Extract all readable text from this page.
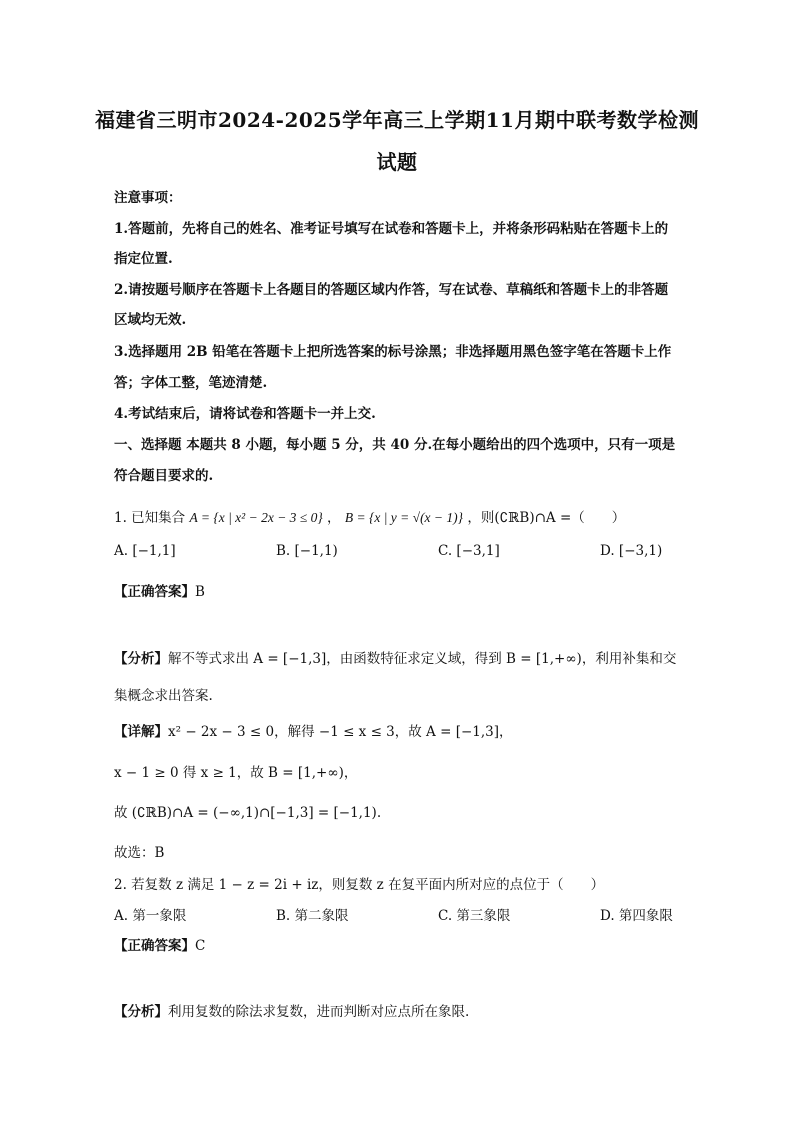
福建省三明市2024-2025学年高三上学期11月期中联考数学检测
试题
注意事项：
1.答题前，先将自己的姓名、准考证号填写在试卷和答题卡上，并将条形码粘贴在答题卡上的
指定位置.
2.请按题号顺序在答题卡上各题目的答题区域内作答，写在试卷、草稿纸和答题卡上的非答题
区域均无效.
3.选择题用 2B 铅笔在答题卡上把所选答案的标号涂黑；非选择题用黑色签字笔在答题卡上作
答；字体工整，笔迹清楚.
4.考试结束后，请将试卷和答题卡一并上交.
一、选择题 本题共 8 小题，每小题 5 分，共 40 分.在每小题给出的四个选项中，只有一项是
符合题目要求的.
1. 已知集合 A = {x | x² − 2x − 3 ≤ 0} ， B = {x | y = √(x − 1)} ，则(∁ℝB)∩A =（　　）
A. [−1,1]	B. [−1,1)	C. [−3,1]	D. [−3,1)
【正确答案】B
【分析】解不等式求出 A = [−1,3]，由函数特征求定义域，得到 B = [1,+∞)，利用补集和交
集概念求出答案.
【详解】x² − 2x − 3 ≤ 0，解得 −1 ≤ x ≤ 3，故 A = [−1,3]，
x − 1 ≥ 0 得 x ≥ 1，故 B = [1,+∞)，
故 (∁ℝB)∩A = (−∞,1)∩[−1,3] = [−1,1).
故选：B
2. 若复数 z 满足 1 − z = 2i + iz，则复数 z 在复平面内所对应的点位于（　　）
A. 第一象限	B. 第二象限	C. 第三象限	D. 第四象限
【正确答案】C
【分析】利用复数的除法求复数，进而判断对应点所在象限.
